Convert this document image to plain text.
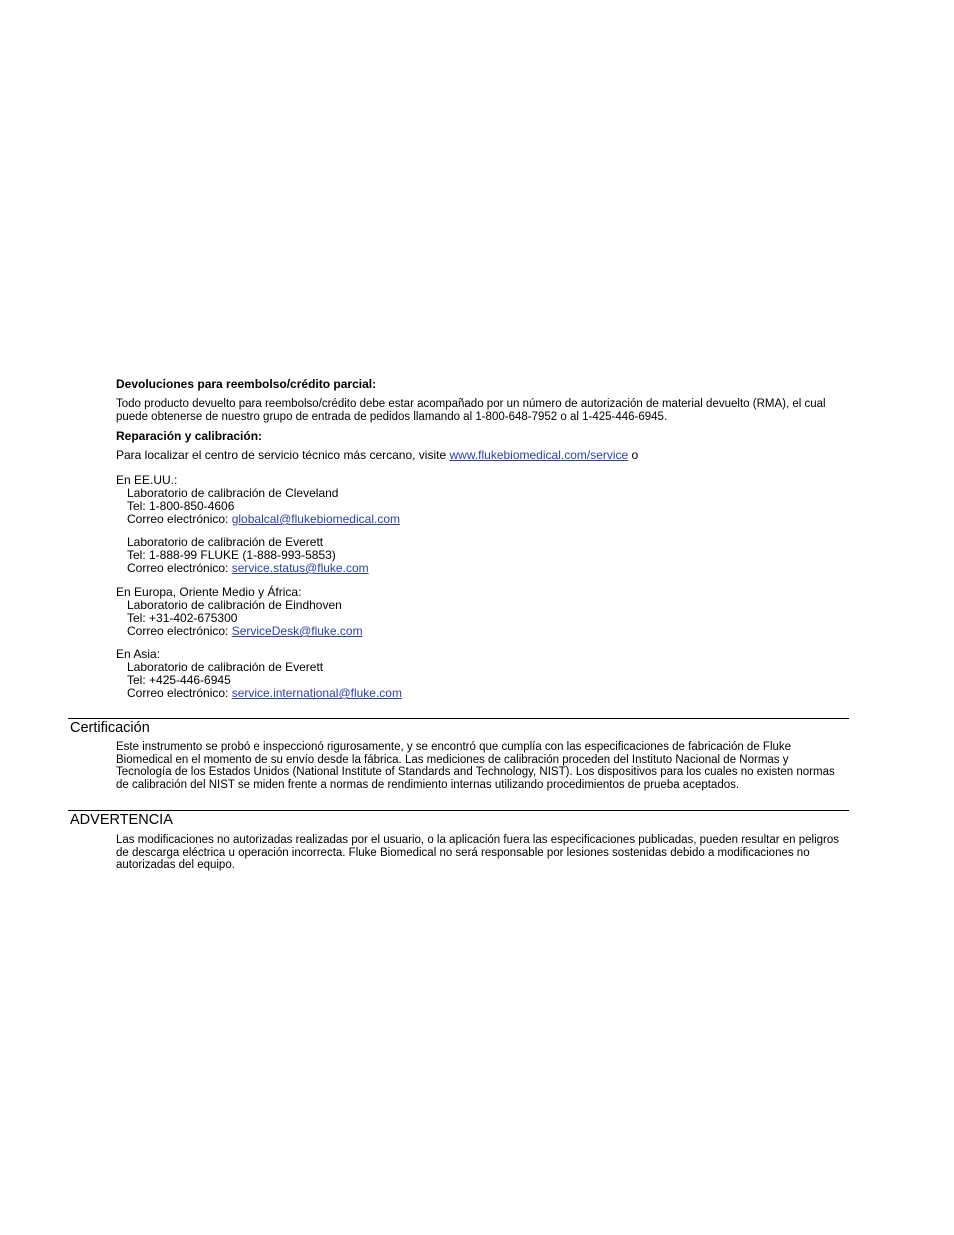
Devoluciones para reembolso/crédito parcial:
Todo producto devuelto para reembolso/crédito debe estar acompañado por un número de autorización de material devuelto (RMA), el cual
puede obtenerse de nuestro grupo de entrada de pedidos llamando al 1-800-648-7952 o al 1-425-446-6945.
Reparación y calibración:
Para localizar el centro de servicio técnico más cercano, visite www.flukebiomedical.com/service o
En EE.UU.:
Laboratorio de calibración de Cleveland
Tel: 1-800-850-4606
Correo electrónico: globalcal@flukebiomedical.com
Laboratorio de calibración de Everett
Tel: 1-888-99 FLUKE (1-888-993-5853)
Correo electrónico: service.status@fluke.com
En Europa, Oriente Medio y África:
Laboratorio de calibración de Eindhoven
Tel: +31-402-675300
Correo electrónico: ServiceDesk@fluke.com
En Asia:
Laboratorio de calibración de Everett
Tel: +425-446-6945
Correo electrónico: service.international@fluke.com
Certificación
Este instrumento se probó e inspeccionó rigurosamente, y se encontró que cumplía con las especificaciones de fabricación de Fluke
Biomedical en el momento de su envío desde la fábrica. Las mediciones de calibración proceden del Instituto Nacional de Normas y
Tecnología de los Estados Unidos (National Institute of Standards and Technology, NIST). Los dispositivos para los cuales no existen normas
de calibración del NIST se miden frente a normas de rendimiento internas utilizando procedimientos de prueba aceptados.
ADVERTENCIA
Las modificaciones no autorizadas realizadas por el usuario, o la aplicación fuera las especificaciones publicadas, pueden resultar en peligros
de descarga eléctrica u operación incorrecta. Fluke Biomedical no será responsable por lesiones sostenidas debido a modificaciones no
autorizadas del equipo.
